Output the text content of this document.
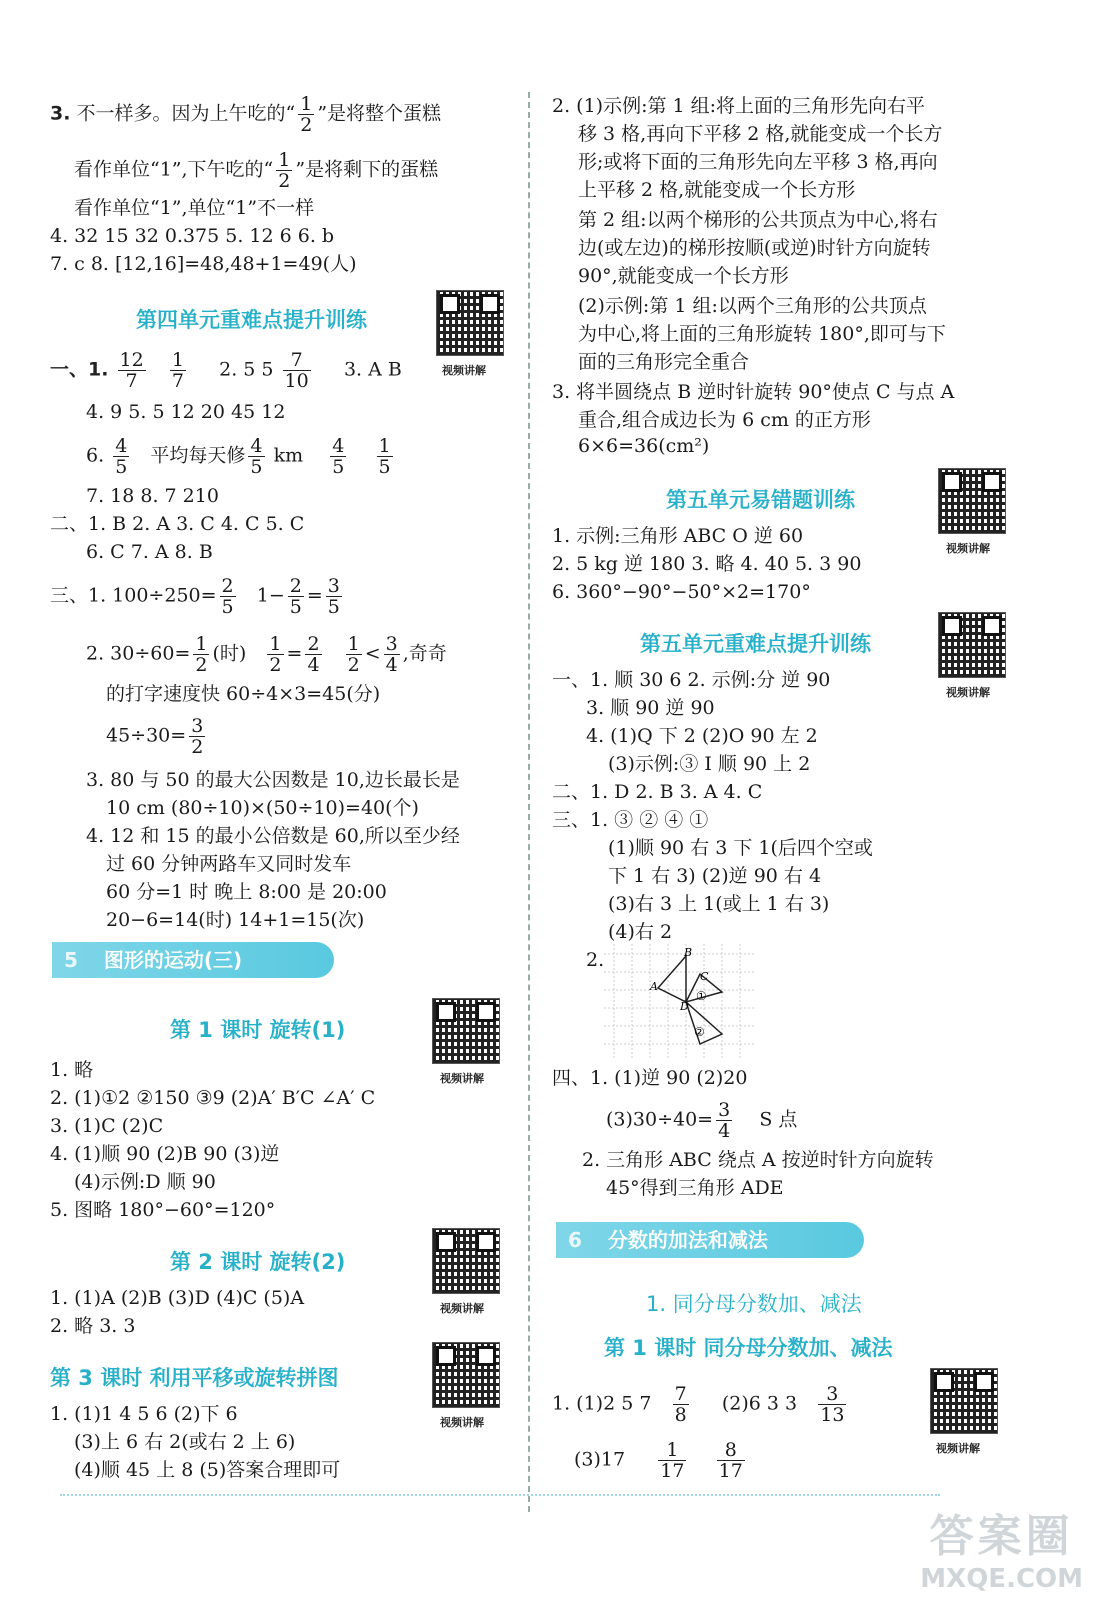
3. 不一样多。因为上午吃的“ $\frac{1}{2}$ ”是将整个蛋糕
看作单位“1”,下午吃的“ $\frac{1}{2}$ ”是将剩下的蛋糕
看作单位“1”,单位“1”不一样
4. 32 15 32 0.375 5. 12 6 6. b
7. c 8. [12,16]=48,48+1=49(人)
第四单元重难点提升训练
视频讲解
一、1. $\frac{12}{7}$
$\frac{1}{7} 2$. 5 $5 \frac{7}{10} 3$. A B
4. 9 5. 5 12 20 45 12
6. $\frac{4}{5}$ 平均每天修 $\frac{4}{5}$ km $\frac{4}{5}$
$\frac{1}{5}$
7. 18 8. 7 210
二、1. B 2. A 3. C 4. C 5. C
6. C 7. A 8. B
三、1. $100\div 250= \frac{2}{5} 1- \frac{2}{5} = \frac{3}{5}$
2. $30\div 60= \frac{1}{2}$ (时) $\frac{1}{2} = \frac{2}{4}$
$\frac{1}{2} < \frac{3}{4}$ ,奇奇
的打字速度快 60÷4×3=45(分)
$45\div 30= \frac{3}{2}$
3. 80 与 50 的最大公因数是 10,边长最长是
10 cm (80÷10)×(50÷10)=40(个)
4. 12 和 15 的最小公倍数是 60,所以至少经
过 60 分钟两路车又同时发车
60 分=1 时 晚上 8:00 是 20:00
20−6=14(时) 14+1=15(次)
5 图形的运动(三)
第 1 课时 旋转(1)
视频讲解
1. 略
2. (1)①2 ②150 ③9 (2)A′ B′C ∠A′ C
3. (1)C (2)C
4. (1)顺 90 (2)B 90 (3)逆
(4)示例:D 顺 90
5. 图略 180°−60°=120°
第 2 课时 旋转(2)
视频讲解
1. (1)A (2)B (3)D (4)C (5)A
2. 略 3. 3
第 3 课时 利用平移或旋转拼图
视频讲解
1. (1)1 4 5 6 (2)下 6
(3)上 6 右 2(或右 2 上 6)
(4)顺 45 上 8 (5)答案合理即可
2. (1)示例:第 1 组:将上面的三角形先向右平
移 3 格,再向下平移 2 格,就能变成一个长方
形;或将下面的三角形先向左平移 3 格,再向
上平移 2 格,就能变成一个长方形
第 2 组:以两个梯形的公共顶点为中心,将右
边(或左边)的梯形按顺(或逆)时针方向旋转
90°,就能变成一个长方形
(2)示例:第 1 组:以两个三角形的公共顶点
为中心,将上面的三角形旋转 180°,即可与下
面的三角形完全重合
3. 将半圆绕点 B 逆时针旋转 90°使点 C 与点 A
重合,组合成边长为 6 cm 的正方形
6×6=36(cm²)
第五单元易错题训练
视频讲解
1. 示例:三角形 ABC O 逆 60
2. 5 kg 逆 180 3. 略 4. 40 5. 3 90
6. 360°−90°−50°×2=170°
第五单元重难点提升训练
视频讲解
一、1. 顺 30 6 2. 示例:分 逆 90
3. 顺 90 逆 90
4. (1)Q 下 2 (2)O 90 左 2
(3)示例:③ I 顺 90 上 2
二、1. D 2. B 3. A 4. C
三、1. ③ ② ④ ①
(1)顺 90 右 3 下 1(后四个空或
下 1 右 3) (2)逆 90 右 4
(3)右 3 上 1(或上 1 右 3)
(4)右 2
2.	B
A
C
D
①
②
四、1. (1)逆 90 (2)20
$(3)30\div 40= \frac{3}{4}$ S 点
2. 三角形 ABC 绕点 A 按逆时针方向旋转
45°得到三角形 ADE
6 分数的加法和减法
1. 同分母分数加、减法
第 1 课时 同分母分数加、减法
视频讲解
1. (1)2 5 $7 \frac{7}{8} (2)6$ 3 $3 \frac{3}{13}$
$(3)17 \frac{1}{17}$
$\frac{8}{17}$
答案圈
MXQE.COM
